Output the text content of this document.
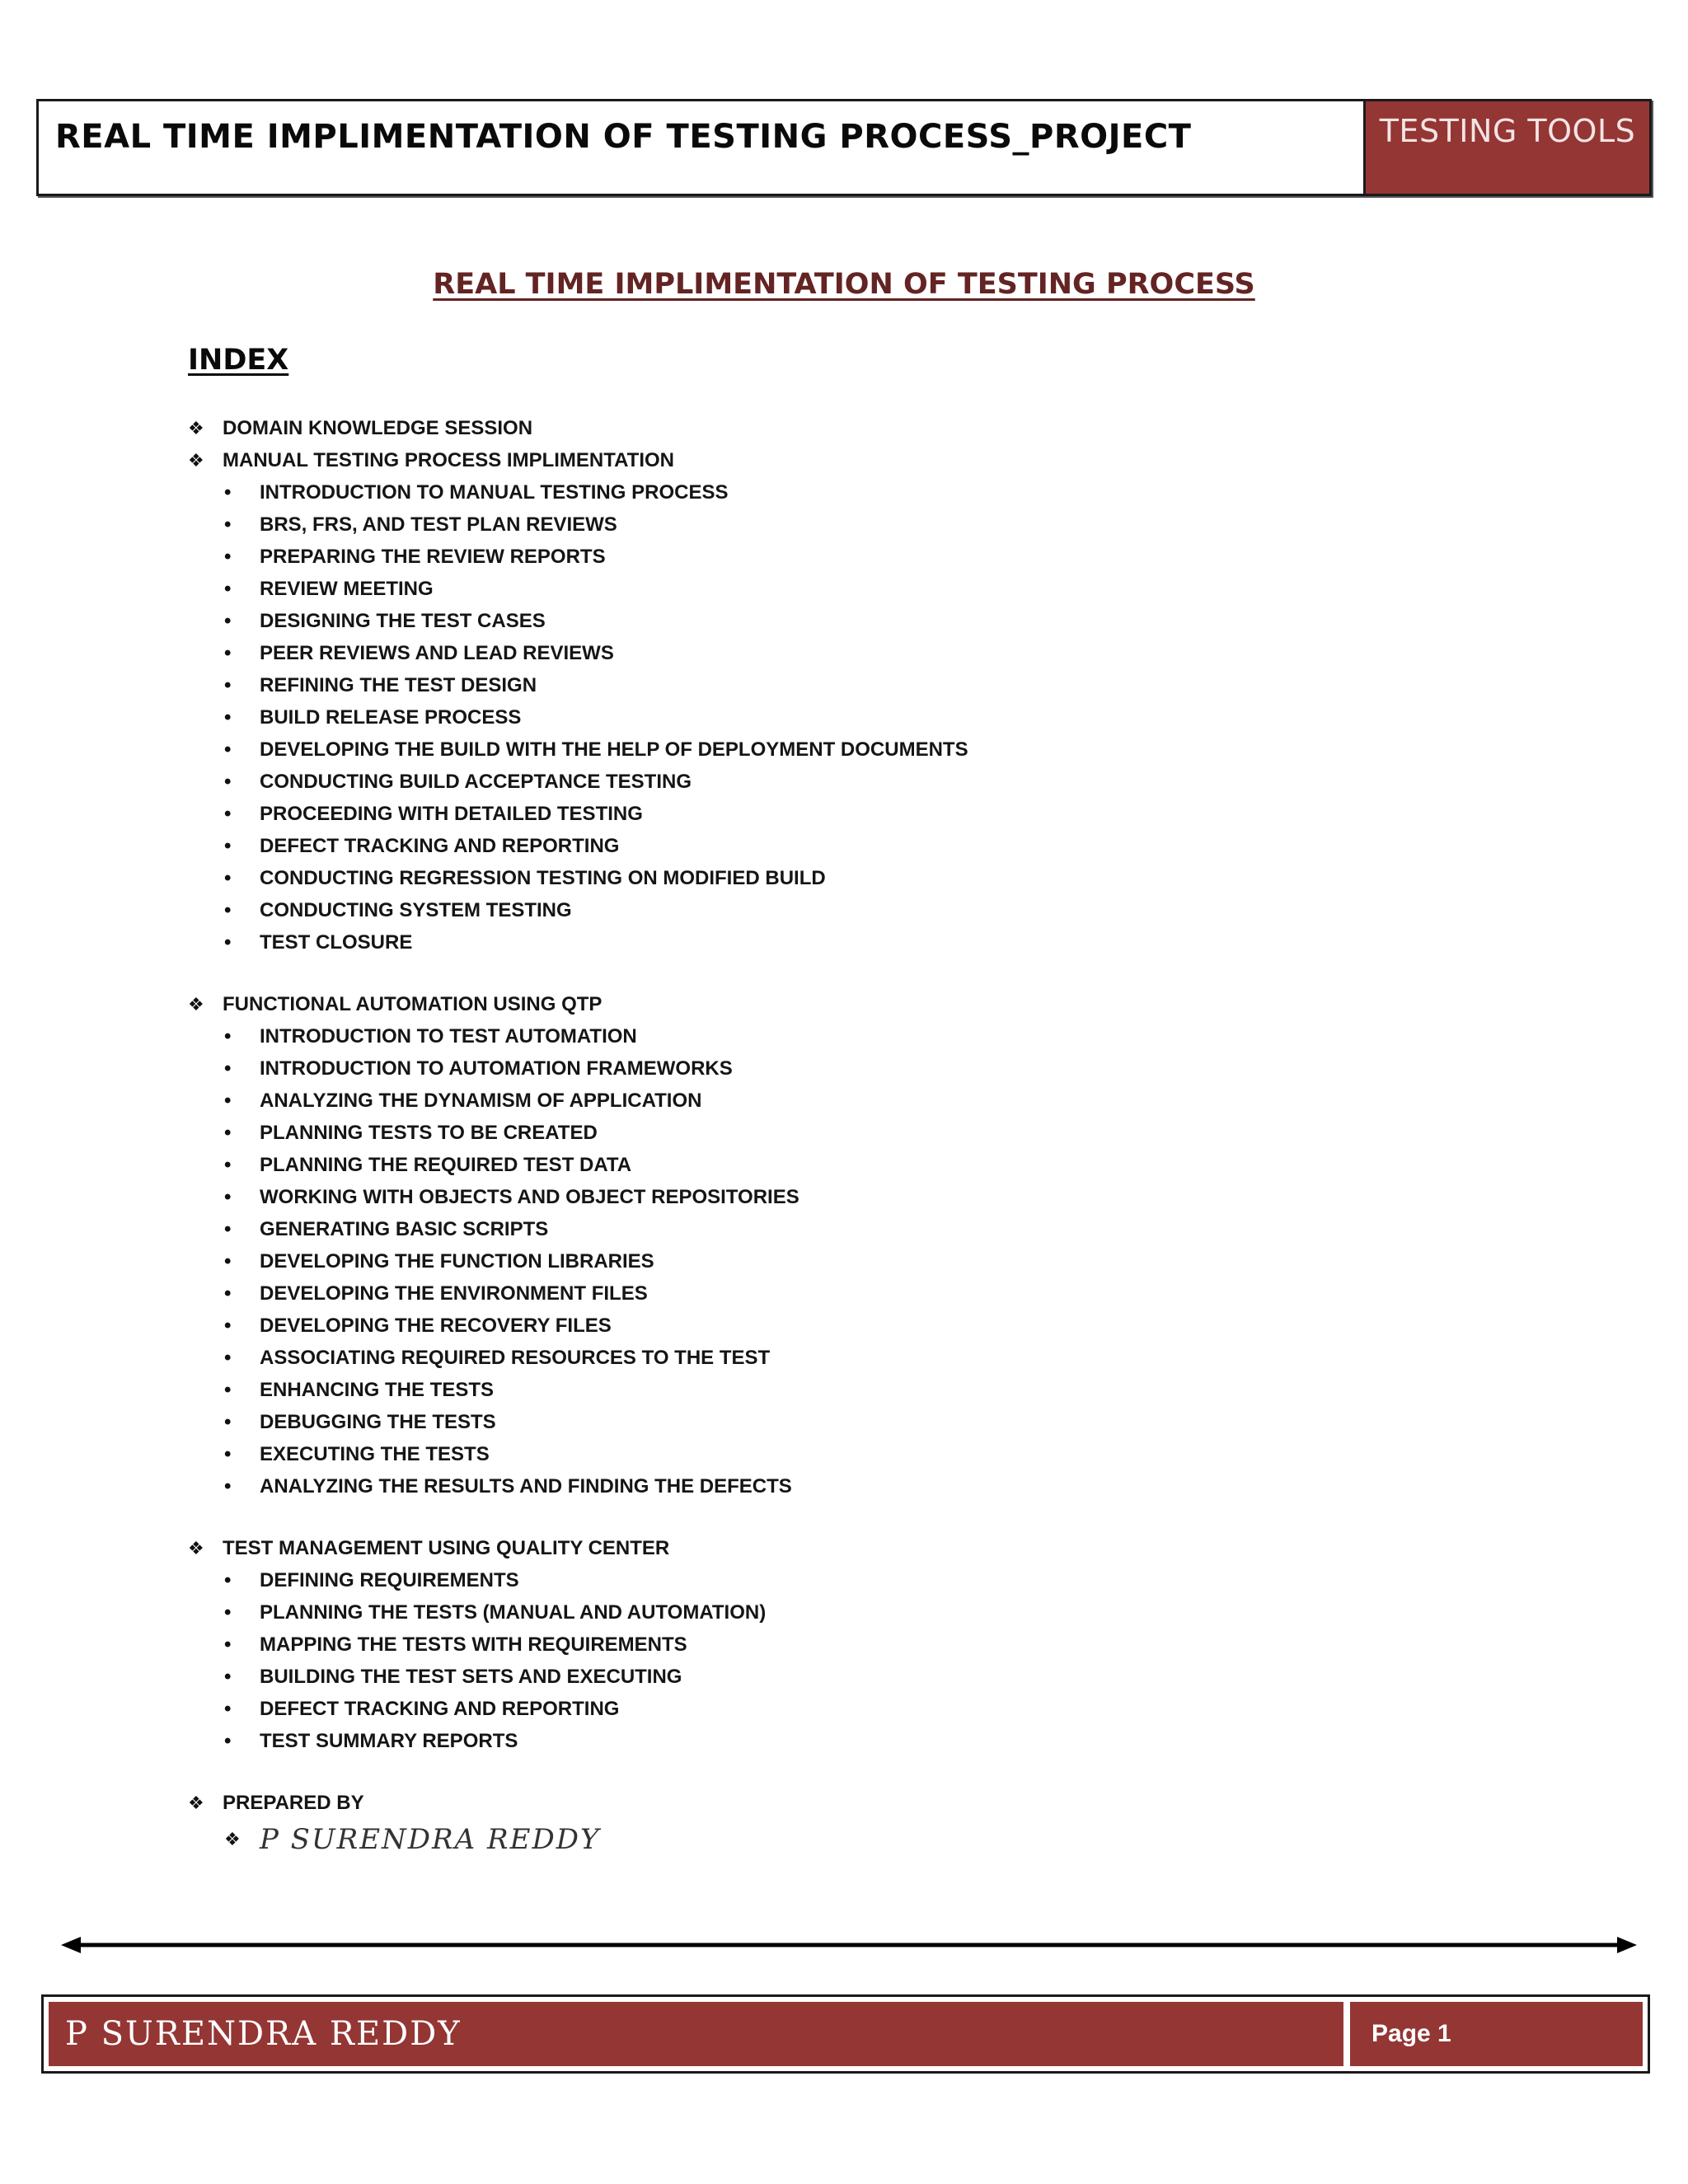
REAL TIME IMPLIMENTATION OF TESTING PROCESS_PROJECT	TESTING TOOLS
REAL TIME IMPLIMENTATION OF TESTING PROCESS
INDEX
❖ DOMAIN KNOWLEDGE SESSION
❖ MANUAL TESTING PROCESS IMPLIMENTATION
• INTRODUCTION TO MANUAL TESTING PROCESS
• BRS, FRS, AND TEST PLAN REVIEWS
• PREPARING THE REVIEW REPORTS
• REVIEW MEETING
• DESIGNING THE TEST CASES
• PEER REVIEWS AND LEAD REVIEWS
• REFINING THE TEST DESIGN
• BUILD RELEASE PROCESS
• DEVELOPING THE BUILD WITH THE HELP OF DEPLOYMENT DOCUMENTS
• CONDUCTING BUILD ACCEPTANCE TESTING
• PROCEEDING WITH DETAILED TESTING
• DEFECT TRACKING AND REPORTING
• CONDUCTING REGRESSION TESTING ON MODIFIED BUILD
• CONDUCTING SYSTEM TESTING
• TEST CLOSURE
❖ FUNCTIONAL AUTOMATION USING QTP
• INTRODUCTION TO TEST AUTOMATION
• INTRODUCTION TO AUTOMATION FRAMEWORKS
• ANALYZING THE DYNAMISM OF APPLICATION
• PLANNING TESTS TO BE CREATED
• PLANNING THE REQUIRED TEST DATA
• WORKING WITH OBJECTS AND OBJECT REPOSITORIES
• GENERATING BASIC SCRIPTS
• DEVELOPING THE FUNCTION LIBRARIES
• DEVELOPING THE ENVIRONMENT FILES
• DEVELOPING THE RECOVERY FILES
• ASSOCIATING REQUIRED RESOURCES TO THE TEST
• ENHANCING THE TESTS
• DEBUGGING THE TESTS
• EXECUTING THE TESTS
• ANALYZING THE RESULTS AND FINDING THE DEFECTS
❖ TEST MANAGEMENT USING QUALITY CENTER
• DEFINING REQUIREMENTS
• PLANNING THE TESTS (MANUAL AND AUTOMATION)
• MAPPING THE TESTS WITH REQUIREMENTS
• BUILDING THE TEST SETS AND EXECUTING
• DEFECT TRACKING AND REPORTING
• TEST SUMMARY REPORTS
❖ PREPARED BY
❖ P SURENDRA REDDY
P SURENDRA REDDY	Page 1
